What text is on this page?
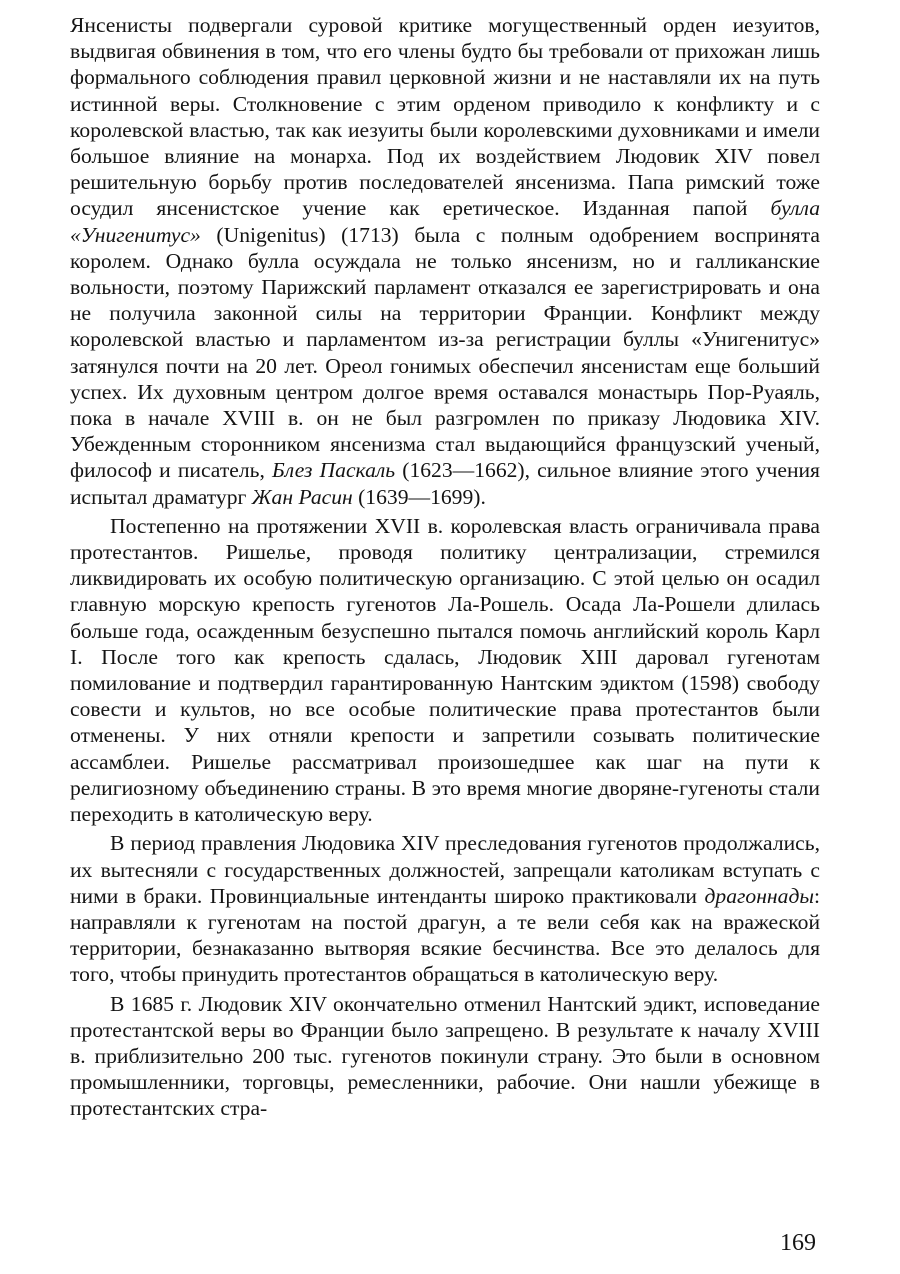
Янсенисты подвергали суровой критике могущественный орден иезуитов, выдвигая обвинения в том, что его члены будто бы требовали от прихожан лишь формального соблюдения правил церковной жизни и не наставляли их на путь истинной веры. Столкновение с этим орденом приводило к конфликту и с королевской властью, так как иезуиты были королевскими духовниками и имели большое влияние на монарха. Под их воздействием Людовик XIV повел решительную борьбу против последователей янсенизма. Папа римский тоже осудил янсенистское учение как еретическое. Изданная папой булла «Унигенитус» (Unigenitus) (1713) была с полным одобрением воспринята королем. Однако булла осуждала не только янсенизм, но и галликанские вольности, поэтому Парижский парламент отказался ее зарегистрировать и она не получила законной силы на территории Франции. Конфликт между королевской властью и парламентом из-за регистрации буллы «Унигенитус» затянулся почти на 20 лет. Ореол гонимых обеспечил янсенистам еще больший успех. Их духовным центром долгое время оставался монастырь Пор-Руаяль, пока в начале XVIII в. он не был разгромлен по приказу Людовика XIV. Убежденным сторонником янсенизма стал выдающийся французский ученый, философ и писатель, Блез Паскаль (1623—1662), сильное влияние этого учения испытал драматург Жан Расин (1639—1699).

Постепенно на протяжении XVII в. королевская власть ограничивала права протестантов. Ришелье, проводя политику централизации, стремился ликвидировать их особую политическую организацию. С этой целью он осадил главную морскую крепость гугенотов Ла-Рошель. Осада Ла-Рошели длилась больше года, осажденным безуспешно пытался помочь английский король Карл I. После того как крепость сдалась, Людовик XIII даровал гугенотам помилование и подтвердил гарантированную Нантским эдиктом (1598) свободу совести и культов, но все особые политические права протестантов были отменены. У них отняли крепости и запретили созывать политические ассамблеи. Ришелье рассматривал произошедшее как шаг на пути к религиозному объединению страны. В это время многие дворяне-гугеноты стали переходить в католическую веру.

В период правления Людовика XIV преследования гугенотов продолжались, их вытесняли с государственных должностей, запрещали католикам вступать с ними в браки. Провинциальные интенданты широко практиковали драгоннады: направляли к гугенотам на постой драгун, а те вели себя как на вражеской территории, безнаказанно вытворяя всякие бесчинства. Все это делалось для того, чтобы принудить протестантов обращаться в католическую веру.

В 1685 г. Людовик XIV окончательно отменил Нантский эдикт, исповедание протестантской веры во Франции было запрещено. В результате к началу XVIII в. приблизительно 200 тыс. гугенотов покинули страну. Это были в основном промышленники, торговцы, ремесленники, рабочие. Они нашли убежище в протестантских стра-

169
